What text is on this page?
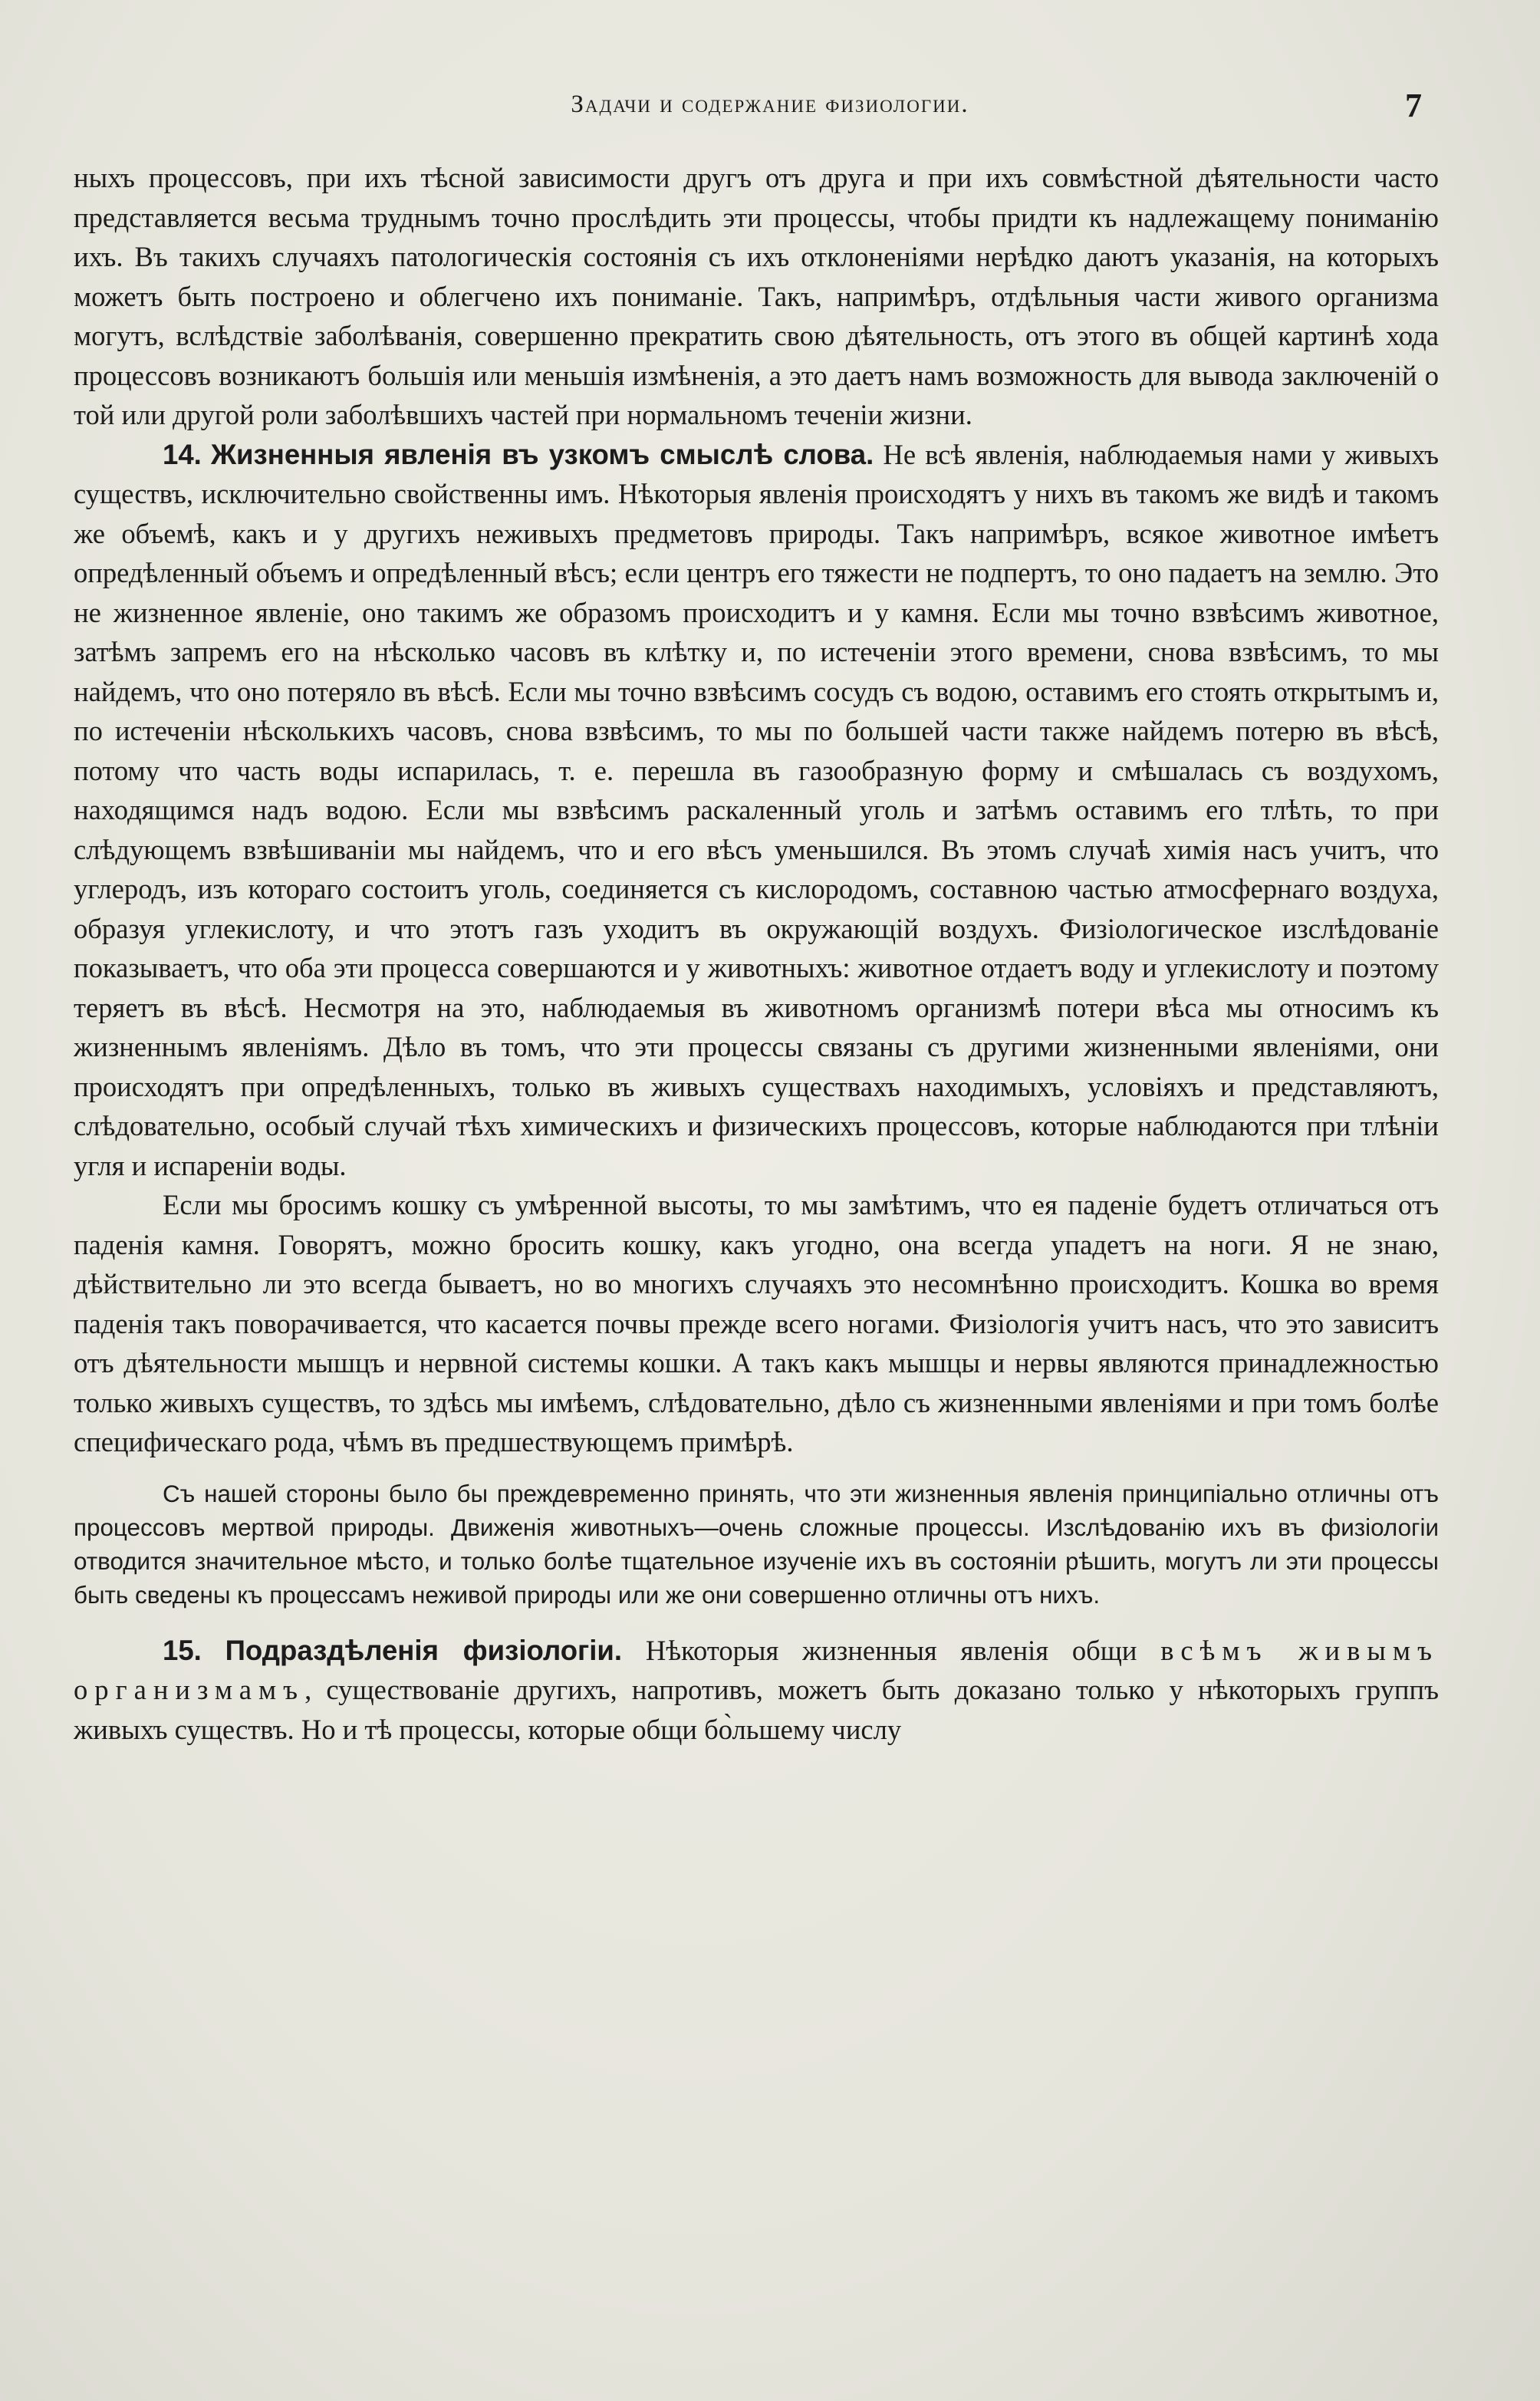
Задачи и содержание физиологии.	7

ныхъ процессовъ, при ихъ тѣсной зависимости другъ отъ друга и при ихъ совмѣстной дѣятельности часто представляется весьма труднымъ точно прослѣдить эти процессы, чтобы придти къ надлежащему пониманію ихъ. Въ такихъ случаяхъ патологическія состоянія съ ихъ отклоненіями нерѣдко даютъ указанія, на которыхъ можетъ быть построено и облегчено ихъ пониманіе. Такъ, напримѣръ, отдѣльныя части живого организма могутъ, вслѣдствіе заболѣванія, совершенно прекратить свою дѣятельность, отъ этого въ общей картинѣ хода процессовъ возникаютъ большія или меньшія измѣненія, а это даетъ намъ возможность для вывода заключеній о той или другой роли заболѣвшихъ частей при нормальномъ теченіи жизни.

14. Жизненныя явленія въ узкомъ смыслѣ слова. Не всѣ явленія, наблюдаемыя нами у живыхъ существъ, исключительно свойственны имъ. Нѣкоторыя явленія происходятъ у нихъ въ такомъ же видѣ и такомъ же объемѣ, какъ и у другихъ неживыхъ предметовъ природы. Такъ напримѣръ, всякое животное имѣетъ опредѣленный объемъ и опредѣленный вѣсъ; если центръ его тяжести не подпертъ, то оно падаетъ на землю. Это не жизненное явленіе, оно такимъ же образомъ происходитъ и у камня. Если мы точно взвѣсимъ животное, затѣмъ запремъ его на нѣсколько часовъ въ клѣтку и, по истеченіи этого времени, снова взвѣсимъ, то мы найдемъ, что оно потеряло въ вѣсѣ. Если мы точно взвѣсимъ сосудъ съ водою, оставимъ его стоять открытымъ и, по истеченіи нѣсколькихъ часовъ, снова взвѣсимъ, то мы по большей части также найдемъ потерю въ вѣсѣ, потому что часть воды испарилась, т. е. перешла въ газообразную форму и смѣшалась съ воздухомъ, находящимся надъ водою. Если мы взвѣсимъ раскаленный уголь и затѣмъ оставимъ его тлѣть, то при слѣдующемъ взвѣшиваніи мы найдемъ, что и его вѣсъ уменьшился. Въ этомъ случаѣ химія насъ учитъ, что углеродъ, изъ котораго состоитъ уголь, соединяется съ кислородомъ, составною частью атмосфернаго воздуха, образуя углекислоту, и что этотъ газъ уходитъ въ окружающій воздухъ. Физіологическое изслѣдованіе показываетъ, что оба эти процесса совершаются и у животныхъ: животное отдаетъ воду и углекислоту и поэтому теряетъ въ вѣсѣ. Несмотря на это, наблюдаемыя въ животномъ организмѣ потери вѣса мы относимъ къ жизненнымъ явленіямъ. Дѣло въ томъ, что эти процессы связаны съ другими жизненными явленіями, они происходятъ при опредѣленныхъ, только въ живыхъ существахъ находимыхъ, условіяхъ и представляютъ, слѣдовательно, особый случай тѣхъ химическихъ и физическихъ процессовъ, которые наблюдаются при тлѣніи угля и испареніи воды.

Если мы бросимъ кошку съ умѣренной высоты, то мы замѣтимъ, что ея паденіе будетъ отличаться отъ паденія камня. Говорятъ, можно бросить кошку, какъ угодно, она всегда упадетъ на ноги. Я не знаю, дѣйствительно ли это всегда бываетъ, но во многихъ случаяхъ это несомнѣнно происходитъ. Кошка во время паденія такъ поворачивается, что касается почвы прежде всего ногами. Физіологія учитъ насъ, что это зависитъ отъ дѣятельности мышцъ и нервной системы кошки. А такъ какъ мышцы и нервы являются принадлежностью только живыхъ существъ, то здѣсь мы имѣемъ, слѣдовательно, дѣло съ жизненными явленіями и при томъ болѣе специфическаго рода, чѣмъ въ предшествующемъ примѣрѣ.

Съ нашей стороны было бы преждевременно принять, что эти жизненныя явленія принципіально отличны отъ процессовъ мертвой природы. Движенія животныхъ—очень сложные процессы. Изслѣдованію ихъ въ физіологіи отводится значительное мѣсто, и только болѣе тщательное изученіе ихъ въ состояніи рѣшить, могутъ ли эти процессы быть сведены къ процессамъ неживой природы или же они совершенно отличны отъ нихъ.

15. Подраздѣленія физіологіи. Нѣкоторыя жизненныя явленія общи всѣмъ живымъ организмамъ, существованіе другихъ, напротивъ, можетъ быть доказано только у нѣкоторыхъ группъ живыхъ существъ. Но и тѣ процессы, которые общи бо̀льшему числу
